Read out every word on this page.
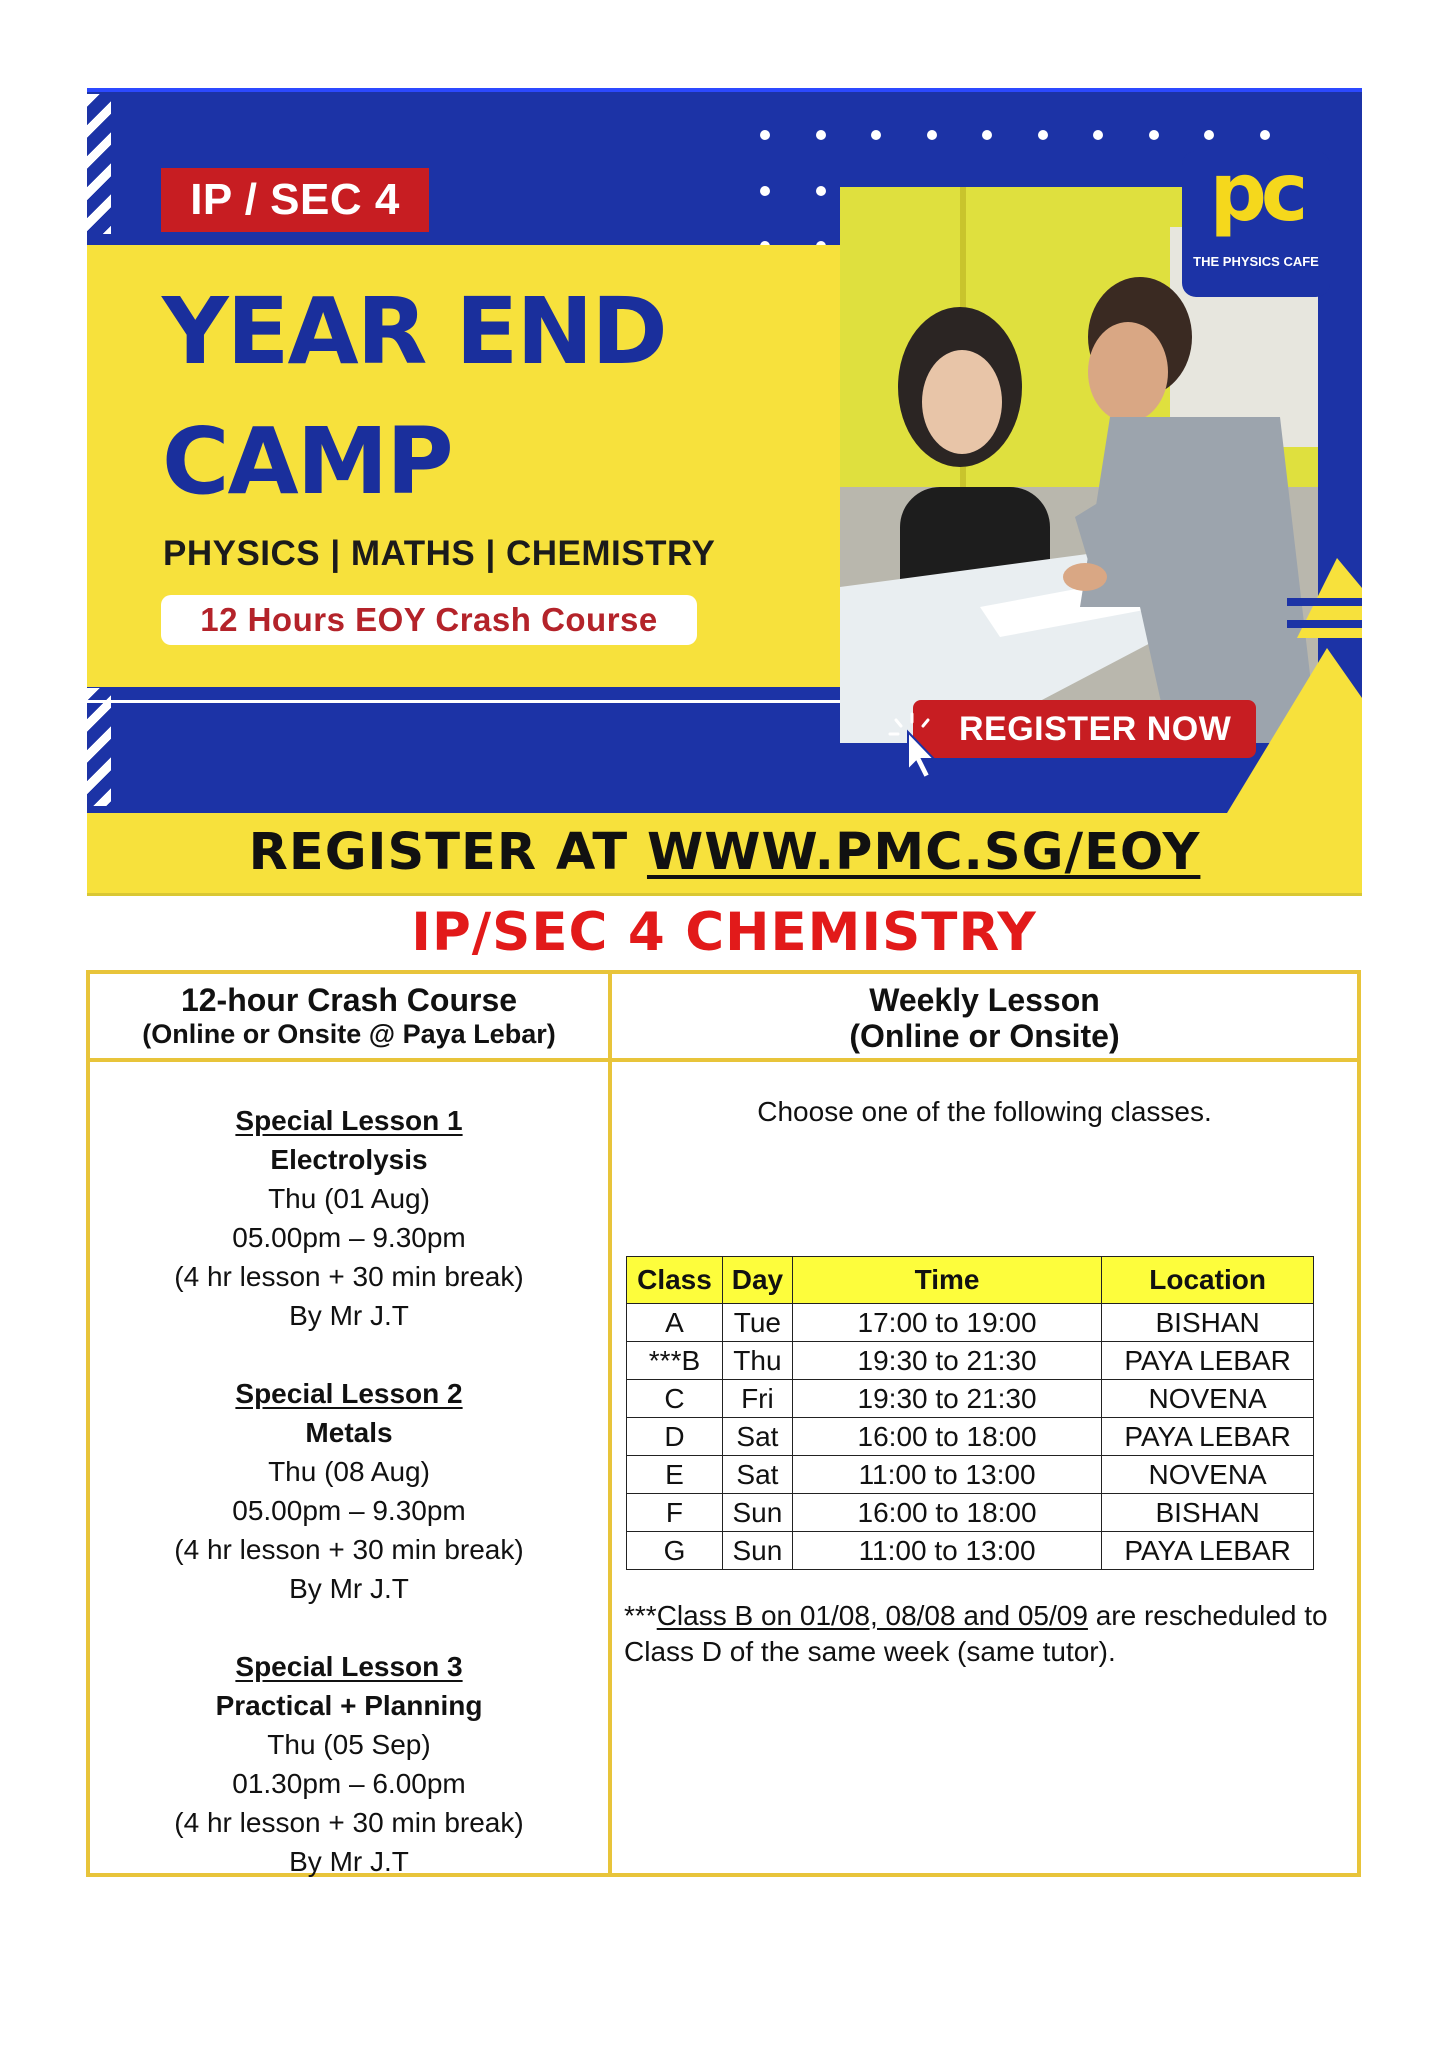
IP / SEC 4
YEAR END
CAMP
PHYSICS | MATHS | CHEMISTRY
12 Hours EOY Crash Course
pc
THE PHYSICS CAFE
REGISTER NOW
REGISTER AT WWW.PMC.SG/EOY
IP/SEC 4 CHEMISTRY
12-hour Crash Course
(Online or Onsite @ Paya Lebar)
Weekly Lesson
(Online or Onsite)
Special Lesson 1
Electrolysis
Thu (01 Aug)
05.00pm – 9.30pm
(4 hr lesson + 30 min break)
By Mr J.T
Special Lesson 2
Metals
Thu (08 Aug)
05.00pm – 9.30pm
(4 hr lesson + 30 min break)
By Mr J.T
Special Lesson 3
Practical + Planning
Thu (05 Sep)
01.30pm – 6.00pm
(4 hr lesson + 30 min break)
By Mr J.T
Choose one of the following classes.
Class	Day	Time	Location
A	Tue	17:00 to 19:00	BISHAN
***B	Thu	19:30 to 21:30	PAYA LEBAR
C	Fri	19:30 to 21:30	NOVENA
D	Sat	16:00 to 18:00	PAYA LEBAR
E	Sat	11:00 to 13:00	NOVENA
F	Sun	16:00 to 18:00	BISHAN
G	Sun	11:00 to 13:00	PAYA LEBAR
***Class B on 01/08, 08/08 and 05/09 are rescheduled to Class D of the same week (same tutor).
